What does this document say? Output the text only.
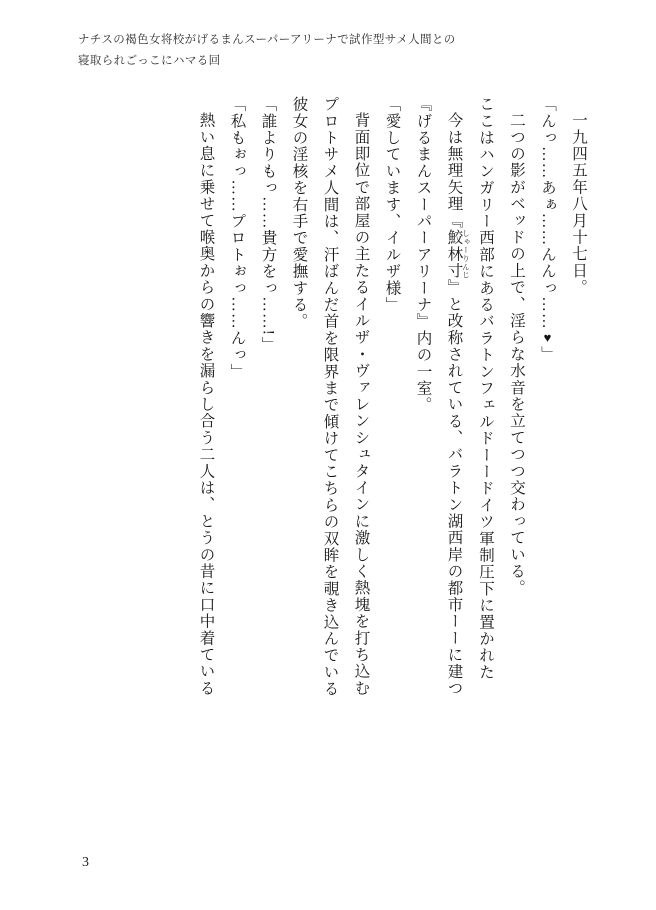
ナチスの褐色女将校がげるまんスーパーアリーナで試作型サメ人間との
寝取られごっこにハマる回

一九四五年八月十七日。

「んっ……あぁ……んんっ……♥」

二つの影がベッドの上で、淫らな水音を立てつつ交わっている。

ここはハンガリー西部にあるバラトンフェルドーードイツ軍制圧下に置かれた

今は無理矢理『鮫林寸 しゃーりんじ』と改称されている、バラトン湖西岸の都市ーーに建つ

『げるまんスーパーアリーナ』内の一室。

「愛しています、イルザ様」

背面即位で部屋の主たるイルザ・ヴァレンシュタインに激しく熱塊を打ち込む

プロトサメ人間は、汗ばんだ首を限界まで傾けてこちらの双眸を覗き込んでいる

彼女の淫核を右手で愛撫する。

「誰よりもっ……貴方をっ……!」

「私もぉっ……プロトぉっ……んっ」

熱い息に乗せて喉奥からの響きを漏らし合う二人は、とうの昔に口中着ている

3
